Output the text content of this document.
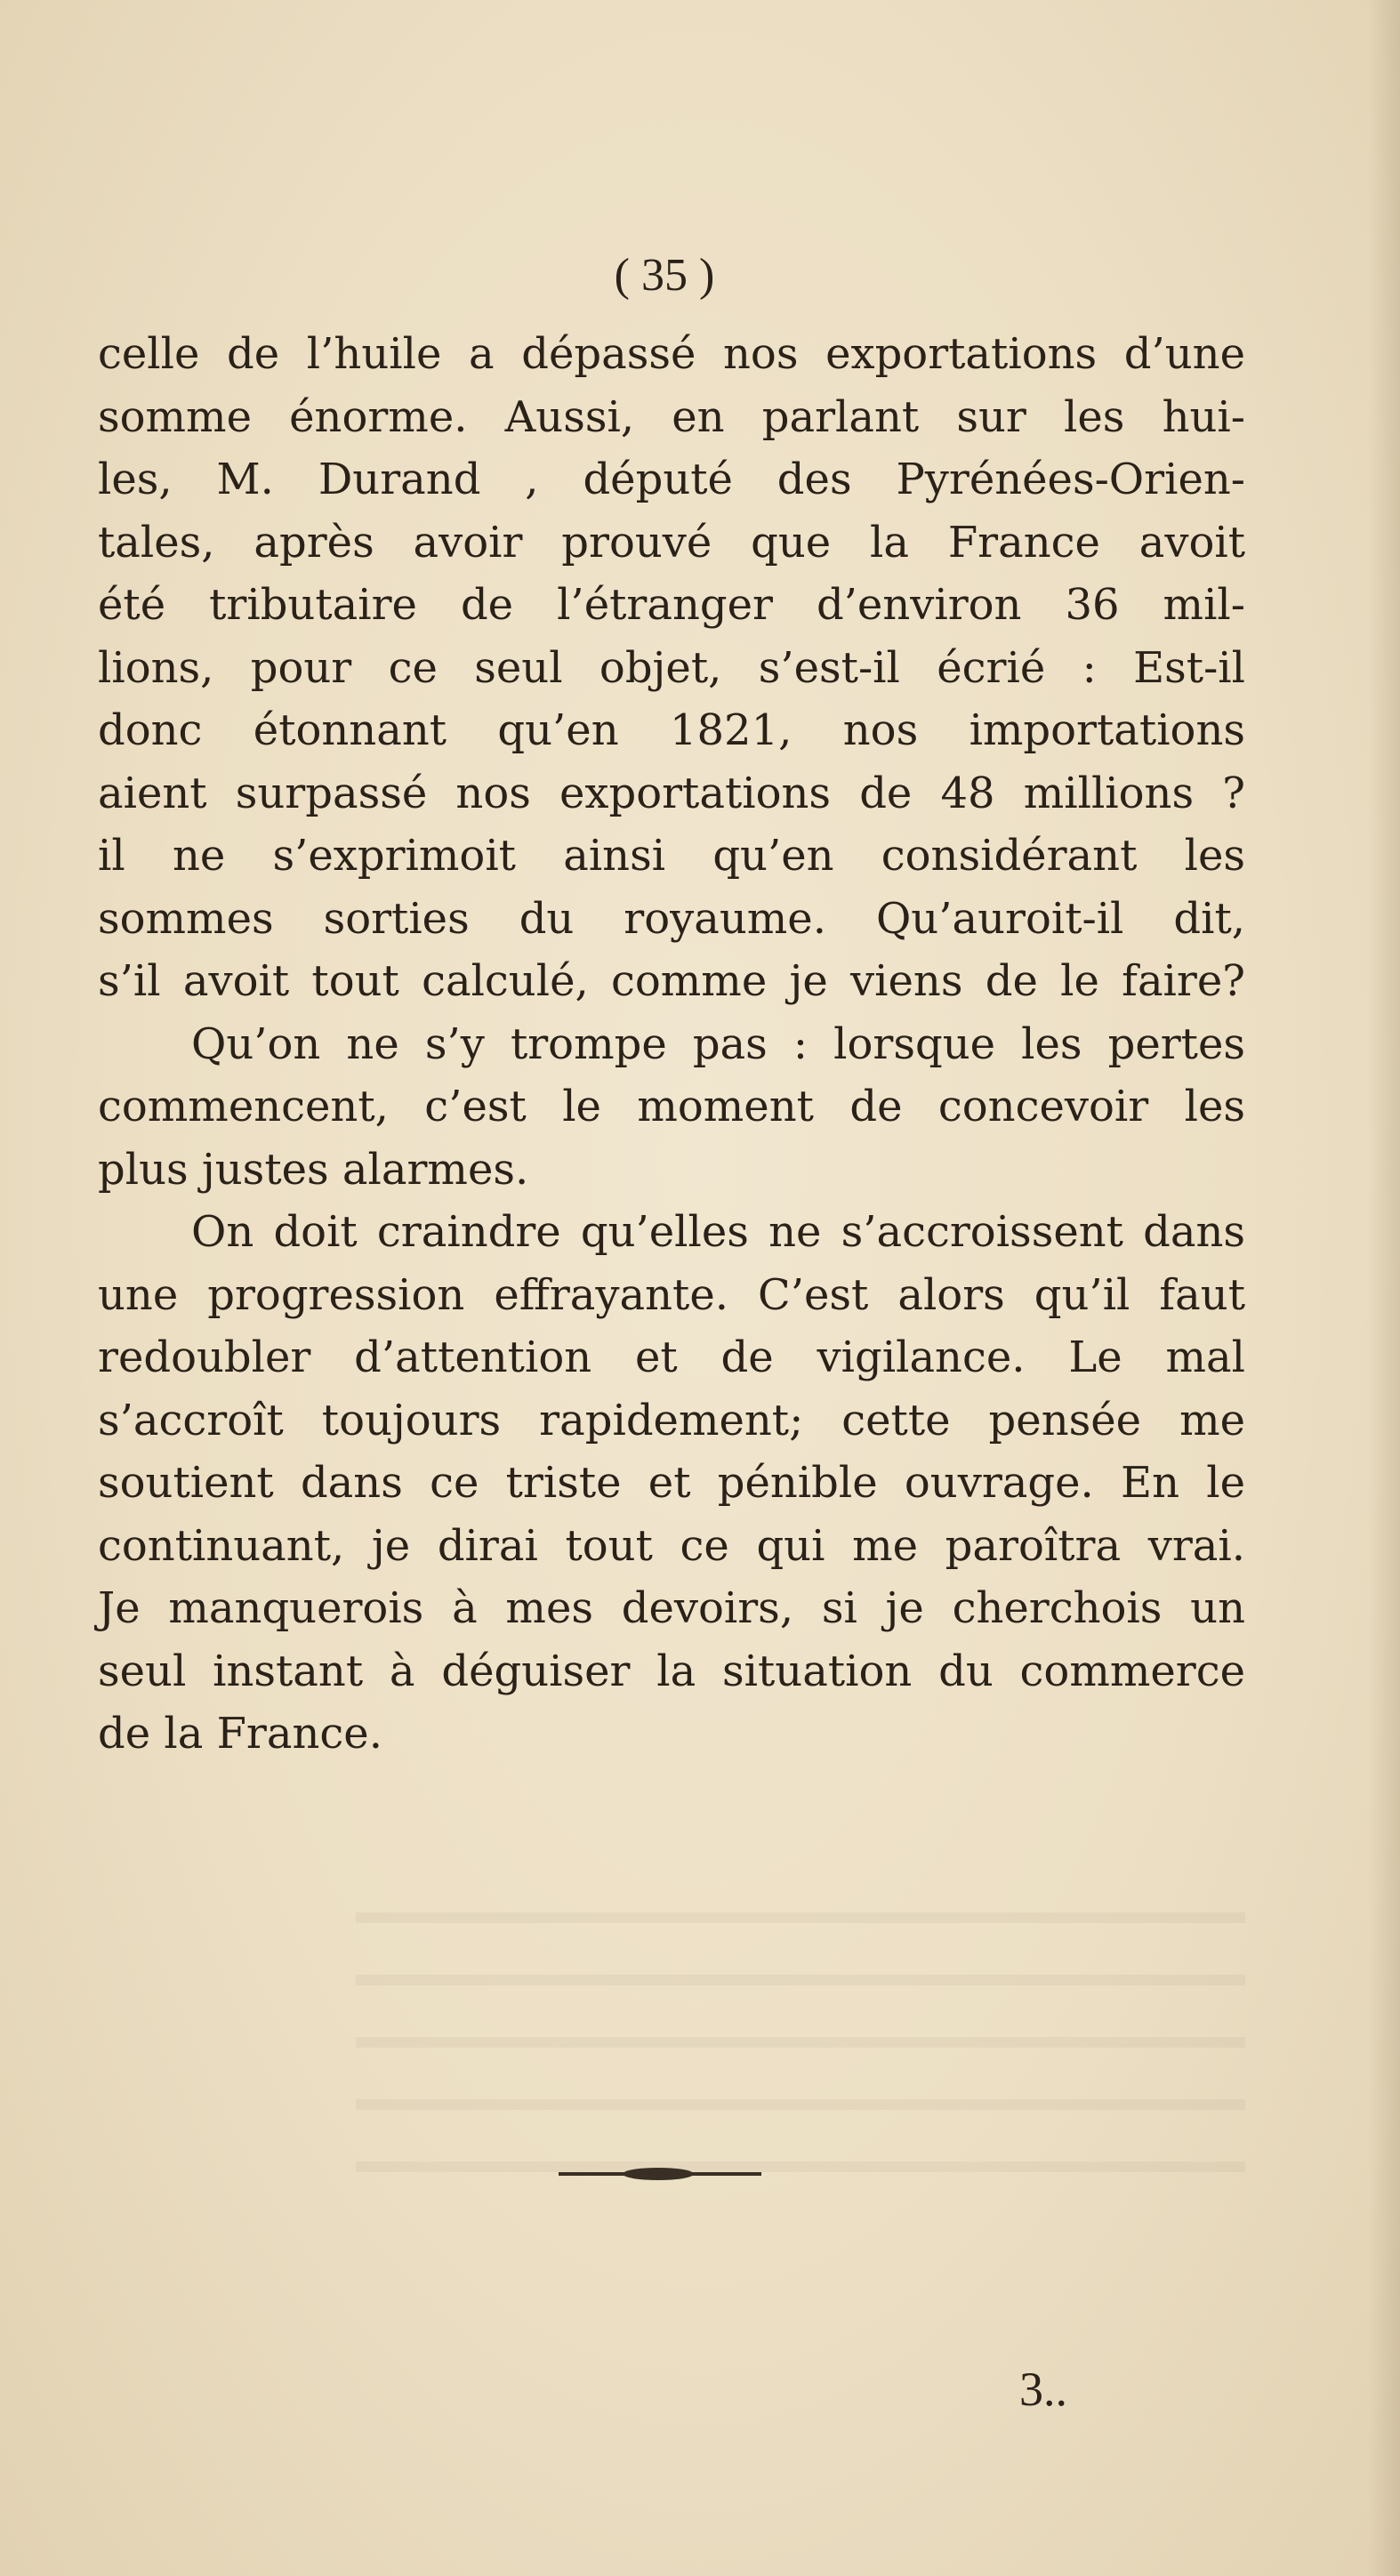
( 35 )
celle de l’huile a dépassé nos exportations d’une
somme énorme. Aussi, en parlant sur les hui-
les, M. Durand , député des Pyrénées-Orien-
tales, après avoir prouvé que la France avoit
été tributaire de l’étranger d’environ 36 mil-
lions, pour ce seul objet, s’est-il écrié : Est-il
donc étonnant qu’en 1821, nos importations
aient surpassé nos exportations de 48 millions ?
il ne s’exprimoit ainsi qu’en considérant les
sommes sorties du royaume. Qu’auroit-il dit,
s’il avoit tout calculé, comme je viens de le faire?
Qu’on ne s’y trompe pas : lorsque les pertes
commencent, c’est le moment de concevoir les
plus justes alarmes.
On doit craindre qu’elles ne s’accroissent dans
une progression effrayante. C’est alors qu’il faut
redoubler d’attention et de vigilance. Le mal
s’accroît toujours rapidement; cette pensée me
soutient dans ce triste et pénible ouvrage. En le
continuant, je dirai tout ce qui me paroîtra vrai.
Je manquerois à mes devoirs, si je cherchois un
seul instant à déguiser la situation du commerce
de la France.
3..
